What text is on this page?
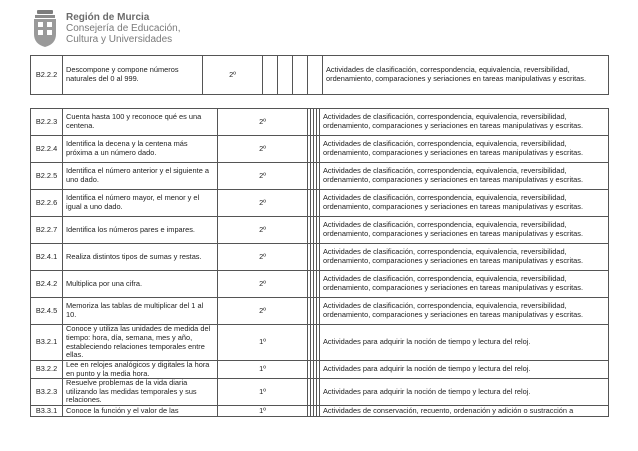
Región de Murcia
Consejería de Educación,
Cultura y Universidades
B2.2.2	Descompone y compone números naturales del 0 al 999.	2º					Actividades de clasificación, correspondencia, equivalencia, reversibilidad, ordenamiento, comparaciones y seriaciones en tareas manipulativas y escritas.
B2.2.3	Cuenta hasta 100 y reconoce qué es una centena.	2º					Actividades de clasificación, correspondencia, equivalencia, reversibilidad, ordenamiento, comparaciones y seriaciones en tareas manipulativas y escritas.
B2.2.4	Identifica la decena y la centena más próxima a un número dado.	2º					Actividades de clasificación, correspondencia, equivalencia, reversibilidad, ordenamiento, comparaciones y seriaciones en tareas manipulativas y escritas.
B2.2.5	Identifica el número anterior y el siguiente a uno dado.	2º					Actividades de clasificación, correspondencia, equivalencia, reversibilidad, ordenamiento, comparaciones y seriaciones en tareas manipulativas y escritas.
B2.2.6	Identifica el número mayor, el menor y el igual a uno dado.	2º					Actividades de clasificación, correspondencia, equivalencia, reversibilidad, ordenamiento, comparaciones y seriaciones en tareas manipulativas y escritas.
B2.2.7	Identifica los números pares e impares.	2º					Actividades de clasificación, correspondencia, equivalencia, reversibilidad, ordenamiento, comparaciones y seriaciones en tareas manipulativas y escritas.
B2.4.1	Realiza distintos tipos de sumas y restas.	2º					Actividades de clasificación, correspondencia, equivalencia, reversibilidad, ordenamiento, comparaciones y seriaciones en tareas manipulativas y escritas.
B2.4.2	Multiplica por una cifra.	2º					Actividades de clasificación, correspondencia, equivalencia, reversibilidad, ordenamiento, comparaciones y seriaciones en tareas manipulativas y escritas.
B2.4.5	Memoriza las tablas de multiplicar del 1 al 10.	2º					Actividades de clasificación, correspondencia, equivalencia, reversibilidad, ordenamiento, comparaciones y seriaciones en tareas manipulativas y escritas.
B3.2.1	Conoce y utiliza las unidades de medida del tiempo: hora, día, semana, mes y año, estableciendo relaciones temporales entre ellas.	1º					Actividades para adquirir la noción de tiempo y lectura del reloj.
B3.2.2	Lee en relojes analógicos y digitales la hora en punto y la media hora.	1º					Actividades para adquirir la noción de tiempo y lectura del reloj.
B3.2.3	Resuelve problemas de la vida diaria utilizando las medidas temporales y sus relaciones.	1º					Actividades para adquirir la noción de tiempo y lectura del reloj.
B3.3.1	Conoce la función y el valor de las	1º					Actividades de conservación, recuento, ordenación y adición o sustracción a
